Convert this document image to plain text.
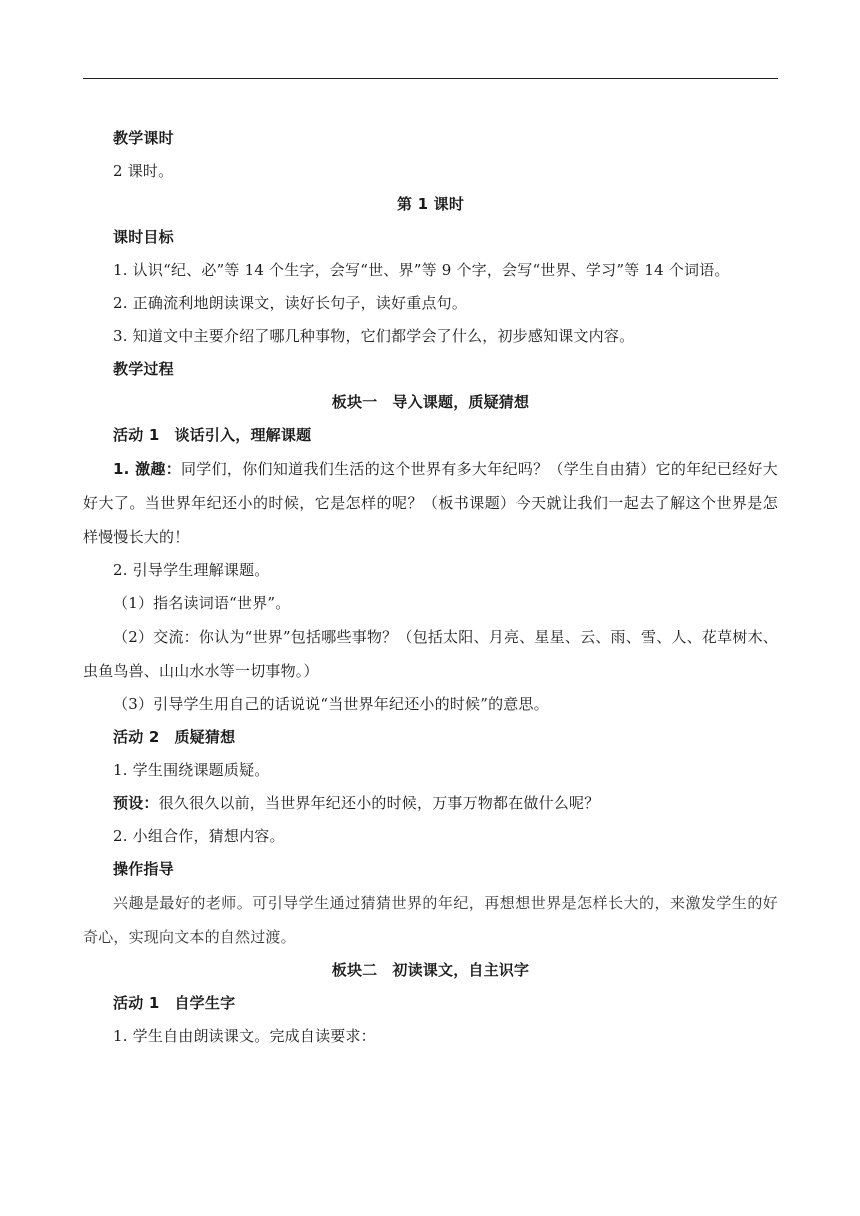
教学课时

2 课时。

第 1 课时

课时目标

1. 认识“纪、必”等 14 个生字，会写“世、界”等 9 个字，会写“世界、学习”等 14 个词语。

2. 正确流利地朗读课文，读好长句子，读好重点句。

3. 知道文中主要介绍了哪几种事物，它们都学会了什么，初步感知课文内容。

教学过程

板块一 导入课题，质疑猜想

活动 1 谈话引入，理解课题

1. 激趣：同学们，你们知道我们生活的这个世界有多大年纪吗？（学生自由猜）它的年纪已经好大好大了。当世界年纪还小的时候，它是怎样的呢？（板书课题）今天就让我们一起去了解这个世界是怎样慢慢长大的！

2. 引导学生理解课题。

（1）指名读词语“世界”。

（2）交流：你认为“世界”包括哪些事物？（包括太阳、月亮、星星、云、雨、雪、人、花草树木、虫鱼鸟兽、山山水水等一切事物。）

（3）引导学生用自己的话说说“当世界年纪还小的时候”的意思。

活动 2 质疑猜想

1. 学生围绕课题质疑。

预设：很久很久以前，当世界年纪还小的时候，万事万物都在做什么呢？

2. 小组合作，猜想内容。

操作指导

兴趣是最好的老师。可引导学生通过猜猜世界的年纪，再想想世界是怎样长大的，来激发学生的好奇心，实现向文本的自然过渡。

板块二 初读课文，自主识字

活动 1 自学生字

1. 学生自由朗读课文。完成自读要求：
